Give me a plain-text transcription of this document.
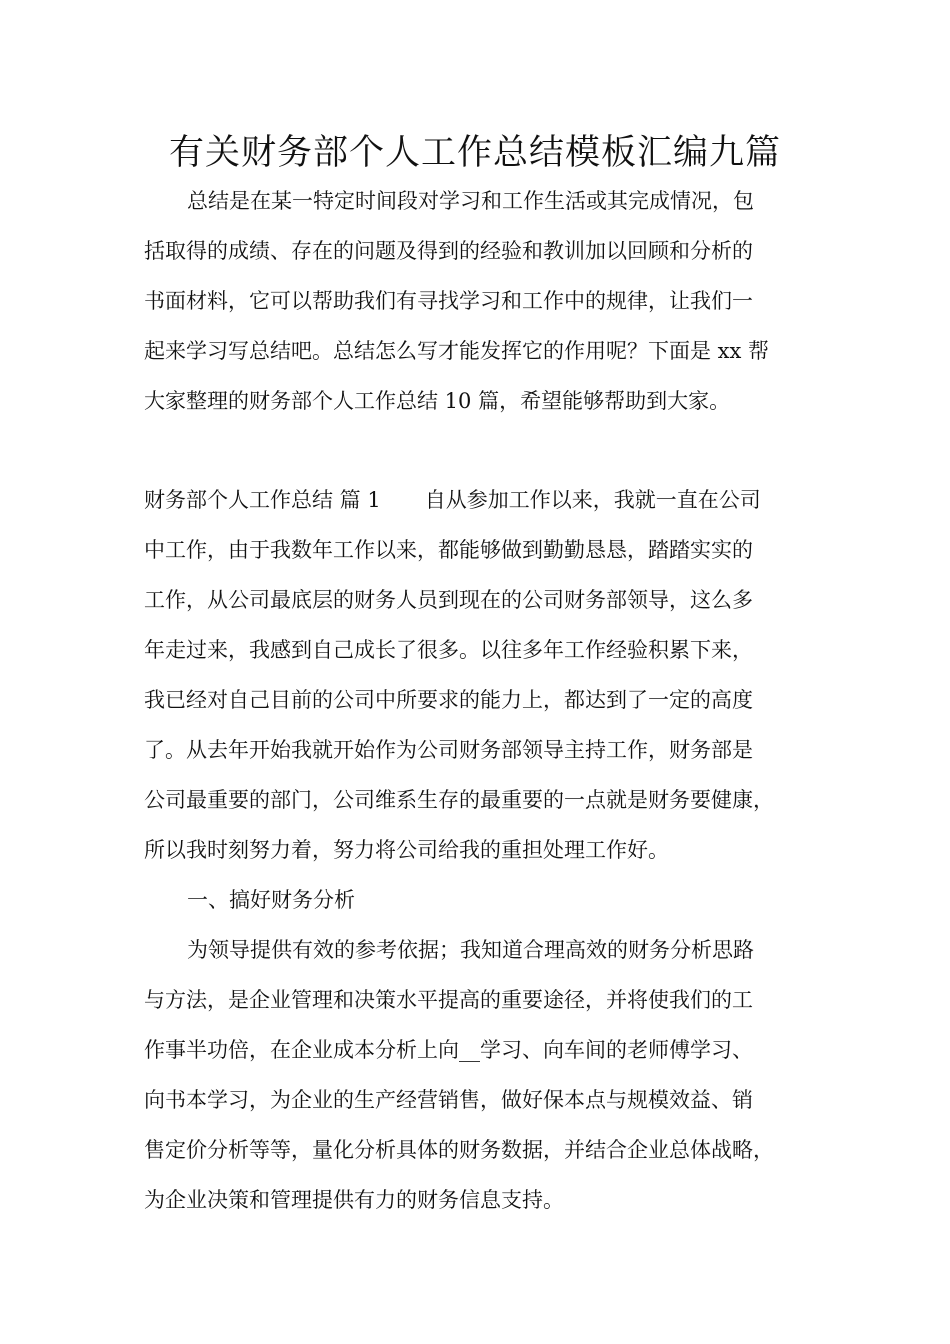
有关财务部个人工作总结模板汇编九篇
总结是在某一特定时间段对学习和工作生活或其完成情况，包
括取得的成绩、存在的问题及得到的经验和教训加以回顾和分析的
书面材料，它可以帮助我们有寻找学习和工作中的规律，让我们一
起来学习写总结吧。总结怎么写才能发挥它的作用呢？下面是 xx 帮
大家整理的财务部个人工作总结 10 篇，希望能够帮助到大家。
财务部个人工作总结 篇 1 自从参加工作以来，我就一直在公司
中工作，由于我数年工作以来，都能够做到勤勤恳恳，踏踏实实的
工作，从公司最底层的财务人员到现在的公司财务部领导，这么多
年走过来，我感到自己成长了很多。以往多年工作经验积累下来，
我已经对自己目前的公司中所要求的能力上，都达到了一定的高度
了。从去年开始我就开始作为公司财务部领导主持工作，财务部是
公司最重要的部门，公司维系生存的最重要的一点就是财务要健康，
所以我时刻努力着，努力将公司给我的重担处理工作好。
一、搞好财务分析
为领导提供有效的参考依据；我知道合理高效的财务分析思路
与方法，是企业管理和决策水平提高的重要途径，并将使我们的工
作事半功倍，在企业成本分析上向__学习、向车间的老师傅学习、
向书本学习，为企业的生产经营销售，做好保本点与规模效益、销
售定价分析等等，量化分析具体的财务数据，并结合企业总体战略，
为企业决策和管理提供有力的财务信息支持。
